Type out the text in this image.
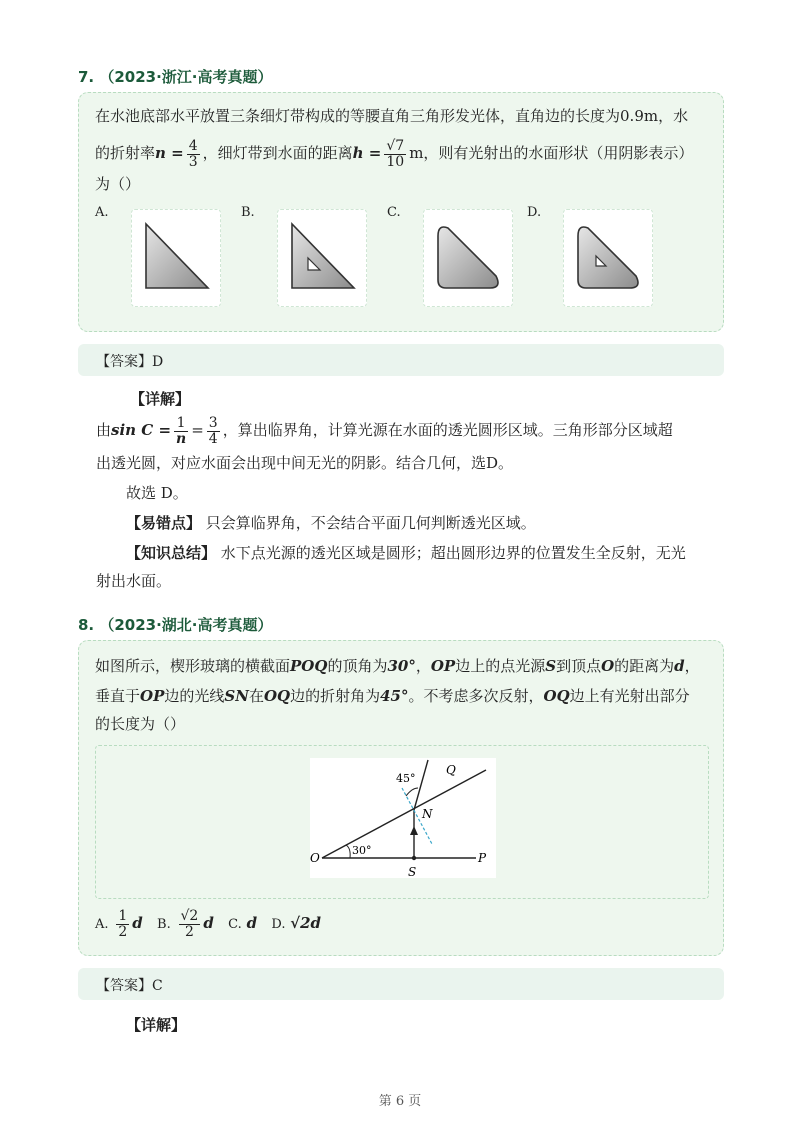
7. （2023·浙江·高考真题）
在水池底部水平放置三条细灯带构成的等腰直角三角形发光体，直角边的长度为0.9m，水
的折射率$n = \frac{4}{3}$ ，细灯带到水面的距离$h = \frac{√7}{10}$ m，则有光射出的水面形状（用阴影表示）
为（）
A.	B.	C.	D.
【答案】D
【详解】
由$\sin C = \frac{1}{n} = \frac{3}{4}$ ，算出临界角，计算光源在水面的透光圆形区域。三角形部分区域超
出透光圆，对应水面会出现中间无光的阴影。结合几何，选D。
故选 D。
【易错点】 只会算临界角，不会结合平面几何判断透光区域。
【知识总结】 水下点光源的透光区域是圆形；超出圆形边界的位置发生全反射，无光
射出水面。
8. （2023·湖北·高考真题）
如图所示，楔形玻璃的横截面POQ的顶角为30°，OP边上的点光源S到顶点O的距离为d，
垂直于OP边的光线SN在OQ边的折射角为45°。不考虑多次反射，OQ边上有光射出部分
的长度为（）
Q
N
O	P
S
45°
30°
A. $\frac{1}{2}$ d B. $\frac{√2}{2}$ d C. d D. √2d
【答案】C
【详解】
第 6 页
